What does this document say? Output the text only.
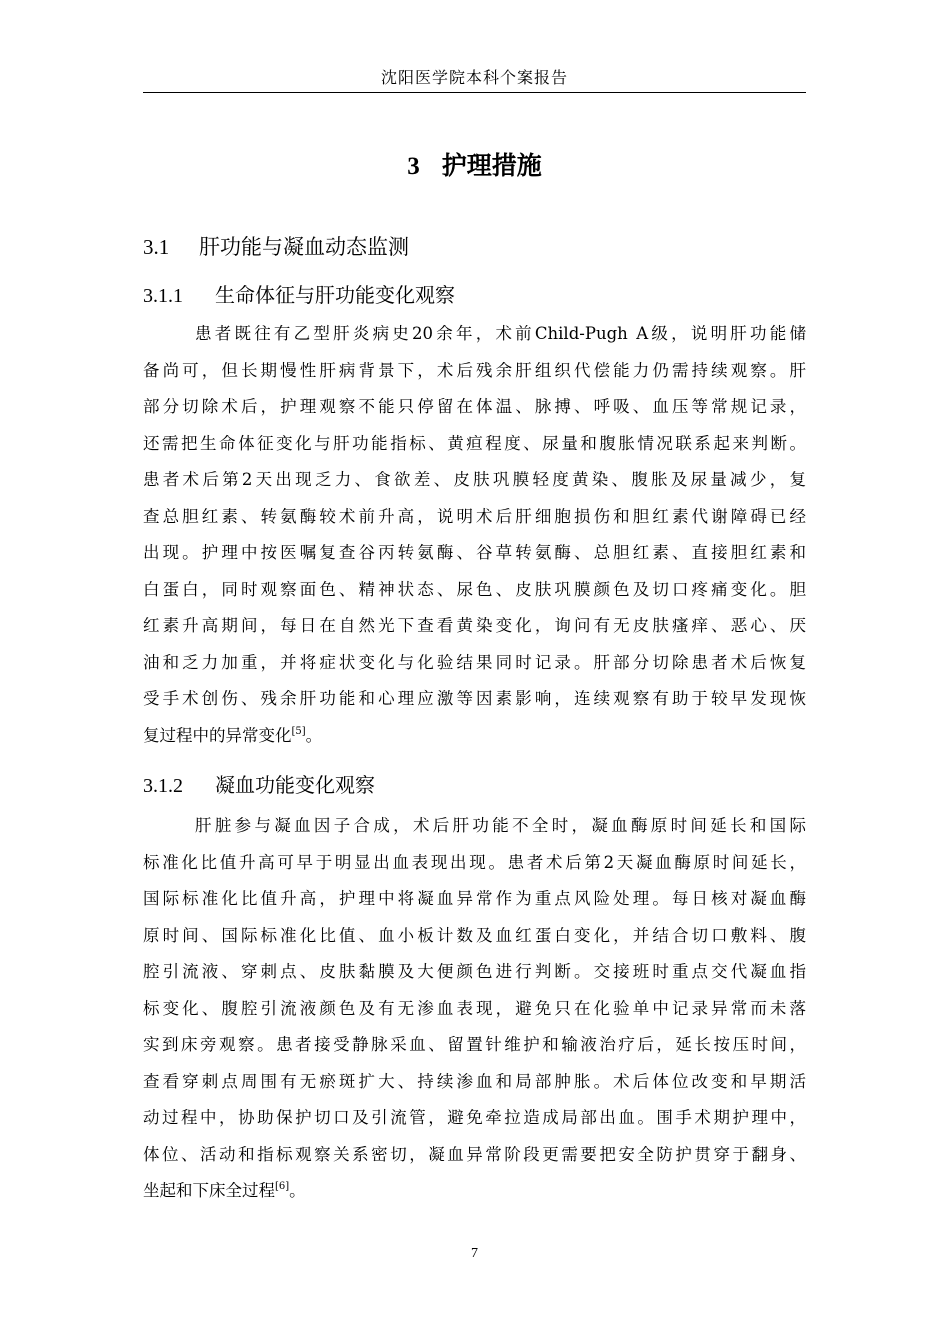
沈阳医学院本科个案报告
3 护理措施
3.1 肝功能与凝血动态监测
3.1.1 生命体征与肝功能变化观察
患者既往有乙型肝炎病史20余年，术前Child-Pugh A级，说明肝功能储
备尚可，但长期慢性肝病背景下，术后残余肝组织代偿能力仍需持续观察。肝
部分切除术后，护理观察不能只停留在体温、脉搏、呼吸、血压等常规记录，
还需把生命体征变化与肝功能指标、黄疸程度、尿量和腹胀情况联系起来判断。
患者术后第2天出现乏力、食欲差、皮肤巩膜轻度黄染、腹胀及尿量减少，复
查总胆红素、转氨酶较术前升高，说明术后肝细胞损伤和胆红素代谢障碍已经
出现。护理中按医嘱复查谷丙转氨酶、谷草转氨酶、总胆红素、直接胆红素和
白蛋白，同时观察面色、精神状态、尿色、皮肤巩膜颜色及切口疼痛变化。胆
红素升高期间，每日在自然光下查看黄染变化，询问有无皮肤瘙痒、恶心、厌
油和乏力加重，并将症状变化与化验结果同时记录。肝部分切除患者术后恢复
受手术创伤、残余肝功能和心理应激等因素影响，连续观察有助于较早发现恢
复过程中的异常变化[5]。
3.1.2 凝血功能变化观察
肝脏参与凝血因子合成，术后肝功能不全时，凝血酶原时间延长和国际
标准化比值升高可早于明显出血表现出现。患者术后第2天凝血酶原时间延长，
国际标准化比值升高，护理中将凝血异常作为重点风险处理。每日核对凝血酶
原时间、国际标准化比值、血小板计数及血红蛋白变化，并结合切口敷料、腹
腔引流液、穿刺点、皮肤黏膜及大便颜色进行判断。交接班时重点交代凝血指
标变化、腹腔引流液颜色及有无渗血表现，避免只在化验单中记录异常而未落
实到床旁观察。患者接受静脉采血、留置针维护和输液治疗后，延长按压时间，
查看穿刺点周围有无瘀斑扩大、持续渗血和局部肿胀。术后体位改变和早期活
动过程中，协助保护切口及引流管，避免牵拉造成局部出血。围手术期护理中，
体位、活动和指标观察关系密切，凝血异常阶段更需要把安全防护贯穿于翻身、
坐起和下床全过程[6]。
7
